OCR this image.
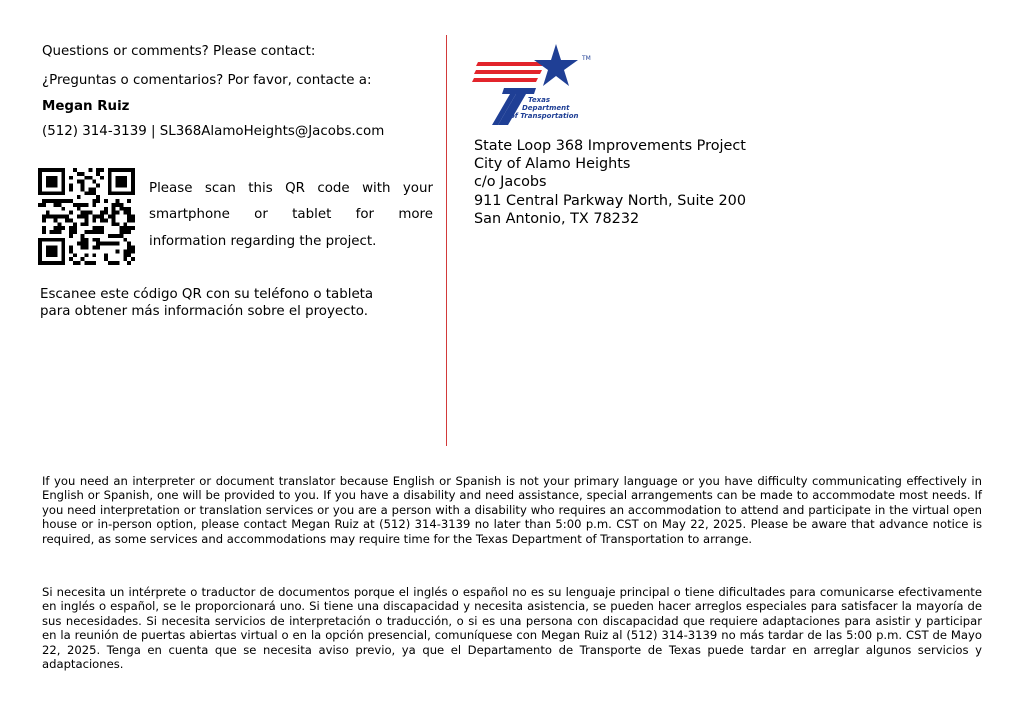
Questions or comments? Please contact:
¿Preguntas o comentarios? Por favor, contacte a:
Megan Ruiz
(512) 314-3139 | SL368AlamoHeights@Jacobs.com
Please scan this QR code with your smartphone or tablet for more information regarding the project.
Escanee este código QR con su teléfono o tableta
para obtener más información sobre el proyecto.
TM
Texas
Department
of Transportation
State Loop 368 Improvements Project
City of Alamo Heights
c/o Jacobs
911 Central Parkway North, Suite 200
San Antonio, TX 78232
If you need an interpreter or document translator because English or Spanish is not your primary language or you have difficulty communicating effectively in English or Spanish, one will be provided to you. If you have a disability and need assistance, special arrangements can be made to accommodate most needs. If you need interpretation or translation services or you are a person with a disability who requires an accommodation to attend and participate in the virtual open house or in-person option, please contact Megan Ruiz at (512) 314-3139 no later than 5:00 p.m. CST on May 22, 2025. Please be aware that advance notice is required, as some services and accommodations may require time for the Texas Department of Transportation to arrange.
Si necesita un intérprete o traductor de documentos porque el inglés o español no es su lenguaje principal o tiene dificultades para comunicarse efectivamente en inglés o español, se le proporcionará uno. Si tiene una discapacidad y necesita asistencia, se pueden hacer arreglos especiales para satisfacer la mayoría de sus necesidades. Si necesita servicios de interpretación o traducción, o si es una persona con discapacidad que requiere adaptaciones para asistir y participar en la reunión de puertas abiertas virtual o en la opción presencial, comuníquese con Megan Ruiz al (512) 314-3139 no más tardar de las 5:00 p.m. CST de Mayo 22, 2025. Tenga en cuenta que se necesita aviso previo, ya que el Departamento de Transporte de Texas puede tardar en arreglar algunos servicios y adaptaciones.
